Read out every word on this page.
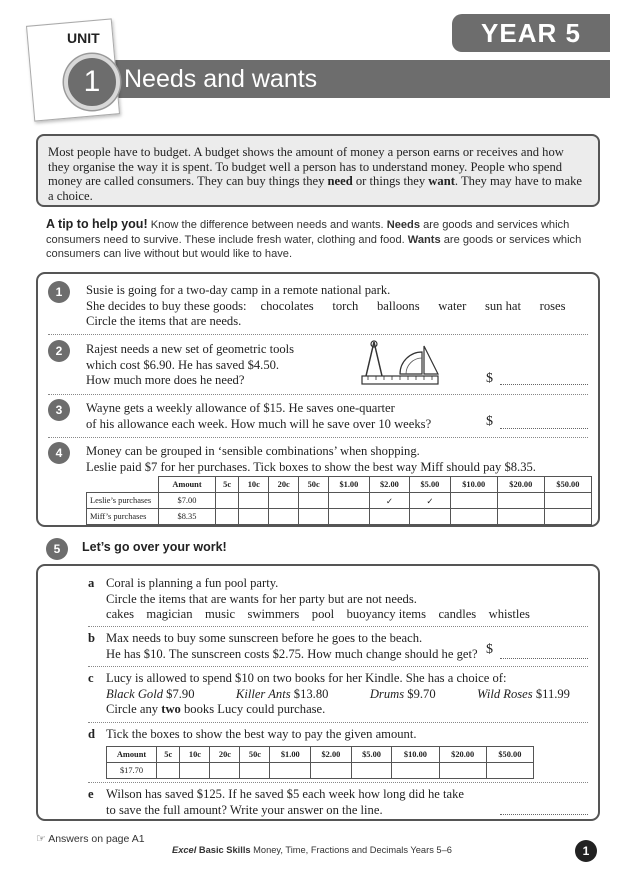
YEAR 5
Needs and wants
UNIT
1
Most people have to budget. A budget shows the amount of money a person earns or receives and how they organise the way it is spent. To budget well a person has to understand money. People who spend money are called consumers. They can buy things they need or things they want. They may have to make a choice.
A tip to help you! Know the difference between needs and wants. Needs are goods and services which consumers need to survive. These include fresh water, clothing and food. Wants are goods or services which consumers can live without but would like to have.
1	Susie is going for a two-day camp in a remote national park.
She decides to buy these goods: chocolates torch balloons water sun hat roses
Circle the items that are needs.
2	Rajest needs a new set of geometric tools
which cost $6.90. He has saved $4.50.
How much more does he need?	$
3	Wayne gets a weekly allowance of $15. He saves one-quarter
of his allowance each week. How much will he save over 10 weeks?	$
4	Money can be grouped in ‘sensible combinations’ when shopping.
Leslie paid $7 for her purchases. Tick boxes to show the best way Miff should pay $8.35.
	Amount	5c	10c	20c	50c	$1.00	$2.00	$5.00	$10.00	$20.00	$50.00
Leslie’s purchases	$7.00						✓	✓			
Miff’s purchases	$8.35										
5	Let’s go over your work!
a Coral is planning a fun pool party.
Circle the items that are wants for her party but are not needs.
cakes magician music swimmers pool buoyancy items candles whistles
b Max needs to buy some sunscreen before he goes to the beach.
He has $10. The sunscreen costs $2.75. How much change should he get? $
c Lucy is allowed to spend $10 on two books for her Kindle. She has a choice of:
Black Gold $7.90	Killer Ants $13.80	Drums $9.70	Wild Roses $11.99
Circle any two books Lucy could purchase.
d Tick the boxes to show the best way to pay the given amount.
Amount	5c	10c	20c	50c	$1.00	$2.00	$5.00	$10.00	$20.00	$50.00
$17.70										
e Wilson has saved $125. If he saved $5 each week how long did he take
to save the full amount? Write your answer on the line.
☞ Answers on page A1
Excel Basic Skills Money, Time, Fractions and Decimals Years 5–6	1
